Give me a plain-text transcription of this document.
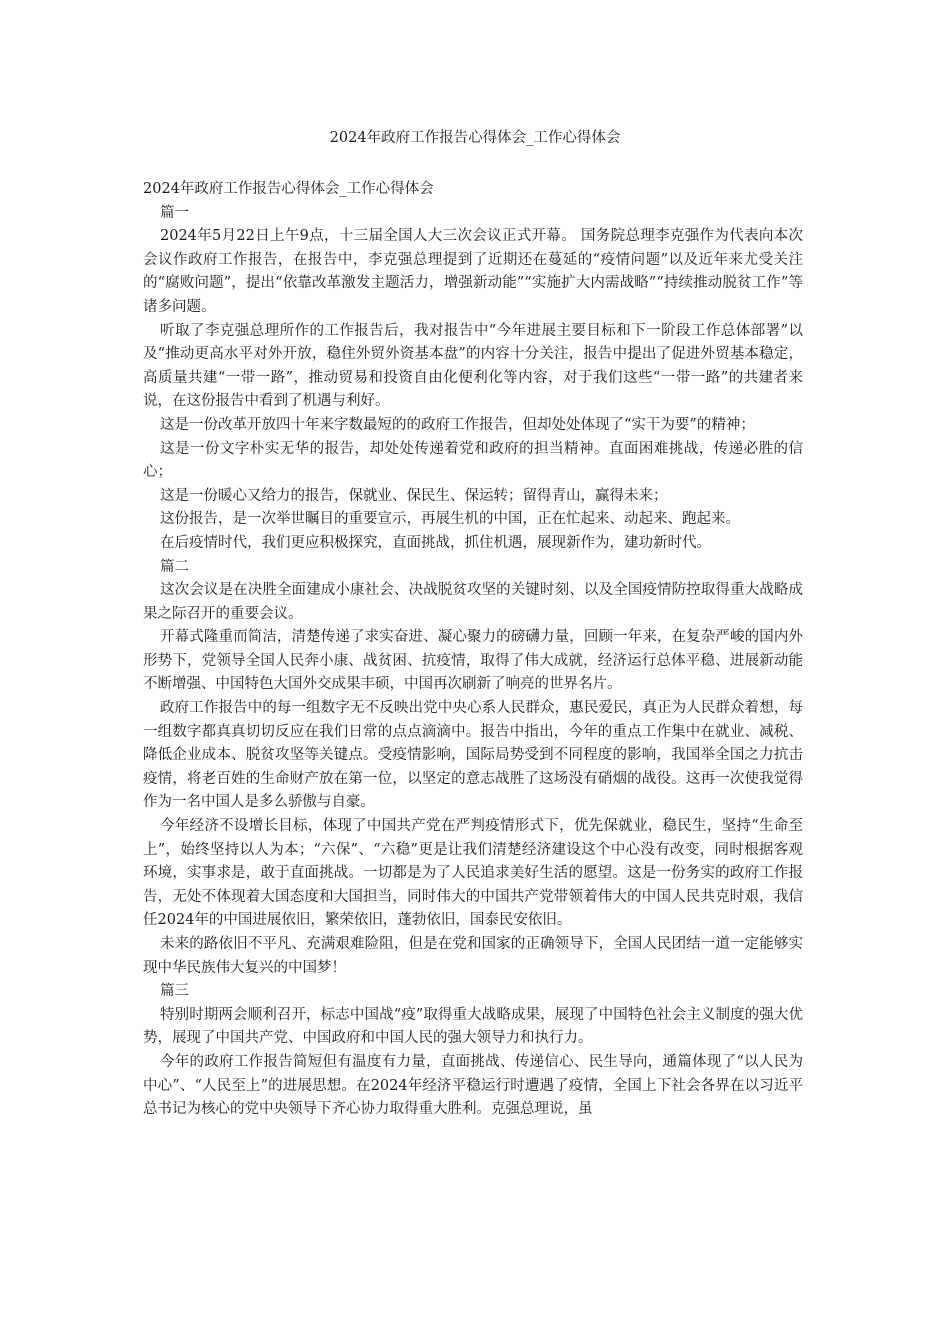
2024年政府工作报告心得体会_工作心得体会

2024年政府工作报告心得体会_工作心得体会

篇一

2024年5月22日上午9点，十三届全国人大三次会议正式开幕。 国务院总理李克强作为代表向本次会议作政府工作报告，在报告中，李克强总理提到了近期还在蔓延的“疫情问题”以及近年来尤受关注的“腐败问题”，提出“依靠改革激发主题活力，增强新动能”“实施扩大内需战略”“持续推动脱贫工作”等诸多问题。

听取了李克强总理所作的工作报告后，我对报告中“今年进展主要目标和下一阶段工作总体部署”以及“推动更高水平对外开放，稳住外贸外资基本盘”的内容十分关注，报告中提出了促进外贸基本稳定，高质量共建“一带一路”，推动贸易和投资自由化便利化等内容，对于我们这些“一带一路”的共建者来说，在这份报告中看到了机遇与利好。

这是一份改革开放四十年来字数最短的的政府工作报告，但却处处体现了“实干为要”的精神；

这是一份文字朴实无华的报告，却处处传递着党和政府的担当精神。直面困难挑战，传递必胜的信心；

这是一份暖心又给力的报告，保就业、保民生、保运转；留得青山，赢得未来；

这份报告，是一次举世瞩目的重要宣示，再展生机的中国，正在忙起来、动起来、跑起来。

在后疫情时代，我们更应积极探究，直面挑战，抓住机遇，展现新作为，建功新时代。

篇二

这次会议是在决胜全面建成小康社会、决战脱贫攻坚的关键时刻、以及全国疫情防控取得重大战略成果之际召开的重要会议。

开幕式隆重而简洁，清楚传递了求实奋进、凝心聚力的磅礴力量，回顾一年来，在复杂严峻的国内外形势下，党领导全国人民奔小康、战贫困、抗疫情，取得了伟大成就，经济运行总体平稳、进展新动能不断增强、中国特色大国外交成果丰硕，中国再次刷新了响亮的世界名片。

政府工作报告中的每一组数字无不反映出党中央心系人民群众，惠民爱民，真正为人民群众着想，每一组数字都真真切切反应在我们日常的点点滴滴中。报告中指出，今年的重点工作集中在就业、减税、降低企业成本、脱贫攻坚等关键点。受疫情影响，国际局势受到不同程度的影响，我国举全国之力抗击疫情，将老百姓的生命财产放在第一位，以坚定的意志战胜了这场没有硝烟的战役。这再一次使我觉得作为一名中国人是多么骄傲与自豪。

今年经济不设增长目标，体现了中国共产党在严判疫情形式下，优先保就业，稳民生，坚持“生命至上”，始终坚持以人为本；“六保”、“六稳”更是让我们清楚经济建设这个中心没有改变，同时根据客观环境，实事求是，敢于直面挑战。一切都是为了人民追求美好生活的愿望。这是一份务实的政府工作报告，无处不体现着大国态度和大国担当，同时伟大的中国共产党带领着伟大的中国人民共克时艰，我信任2024年的中国进展依旧，繁荣依旧，蓬勃依旧，国泰民安依旧。

未来的路依旧不平凡、充满艰难险阻，但是在党和国家的正确领导下，全国人民团结一道一定能够实现中华民族伟大复兴的中国梦！

篇三

特别时期两会顺利召开，标志中国战“疫”取得重大战略成果，展现了中国特色社会主义制度的强大优势，展现了中国共产党、中国政府和中国人民的强大领导力和执行力。

今年的政府工作报告简短但有温度有力量，直面挑战、传递信心、民生导向，通篇体现了“以人民为中心”、“人民至上”的进展思想。在2024年经济平稳运行时遭遇了疫情，全国上下社会各界在以习近平总书记为核心的党中央领导下齐心协力取得重大胜利。克强总理说，虽
